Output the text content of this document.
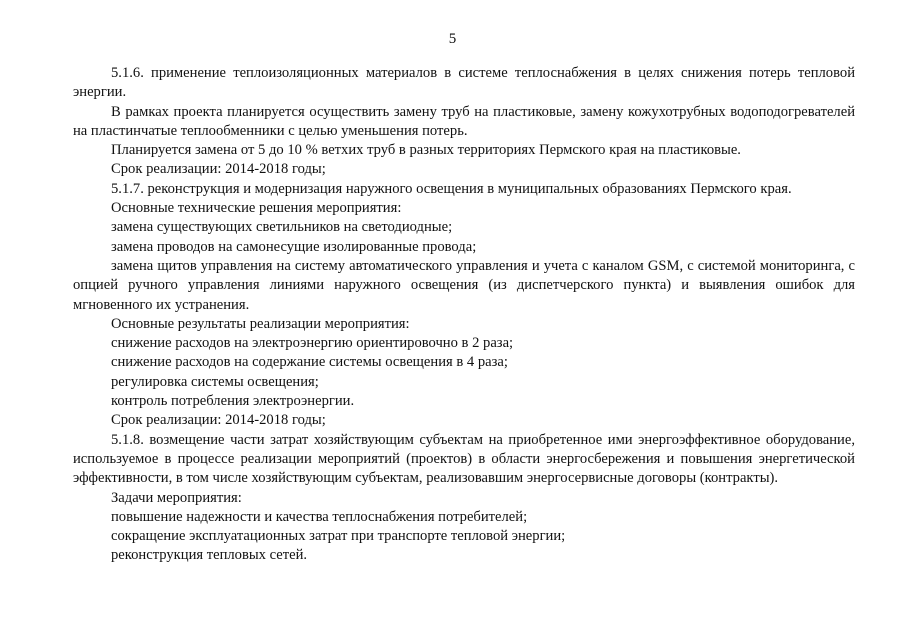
5

5.1.6. применение теплоизоляционных материалов в системе теплоснабжения в целях снижения потерь тепловой энергии.

В рамках проекта планируется осуществить замену труб на пластиковые, замену кожухотрубных водоподогревателей на пластинчатые теплообменники с целью уменьшения потерь.

Планируется замена от 5 до 10 % ветхих труб в разных территориях Пермского края на пластиковые.

Срок реализации: 2014-2018 годы;

5.1.7. реконструкция и модернизация наружного освещения в муниципальных образованиях Пермского края.

Основные технические решения мероприятия:

замена существующих светильников на светодиодные;

замена проводов на самонесущие изолированные провода;

замена щитов управления на систему автоматического управления и учета с каналом GSM, с системой мониторинга, с опцией ручного управления линиями наружного освещения (из диспетчерского пункта) и выявления ошибок для мгновенного их устранения.

Основные результаты реализации мероприятия:

снижение расходов на электроэнергию ориентировочно в 2 раза;

снижение расходов на содержание системы освещения в 4 раза;

регулировка системы освещения;

контроль потребления электроэнергии.

Срок реализации: 2014-2018 годы;

5.1.8. возмещение части затрат хозяйствующим субъектам на приобретенное ими энергоэффективное оборудование, используемое в процессе реализации мероприятий (проектов) в области энергосбережения и повышения энергетической эффективности, в том числе хозяйствующим субъектам, реализовавшим энергосервисные договоры (контракты).

Задачи мероприятия:

повышение надежности и качества теплоснабжения потребителей;

сокращение эксплуатационных затрат при транспорте тепловой энергии;

реконструкция тепловых сетей.
